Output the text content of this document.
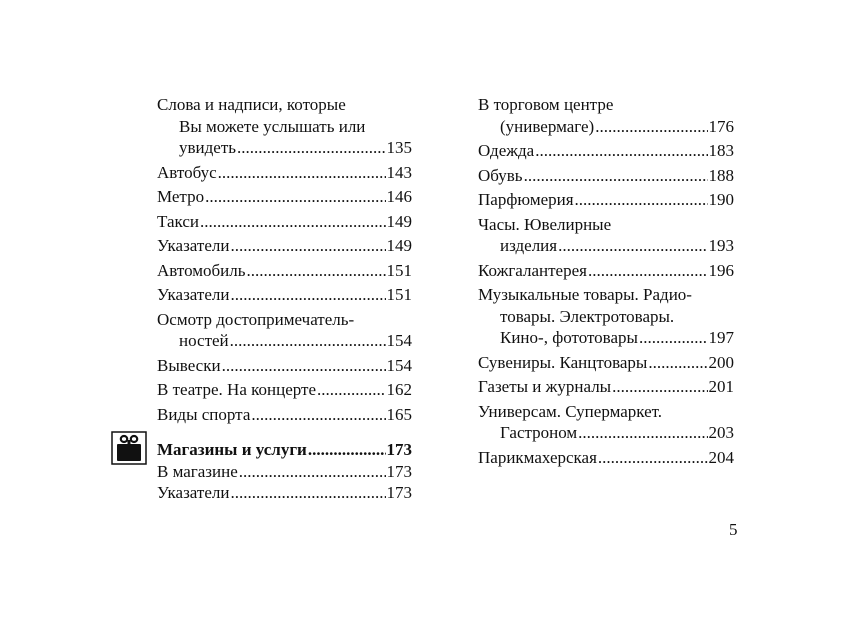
Слова и надписи, которые
Вы можете услышать или
увидеть .....	135
Автобус .....	143
Метро .....	146
Такси .....	149
Указатели .....	149
Автомобиль .....	151
Указатели .....	151
Осмотр достопримечатель-
ностей .....	154
Вывески .....	154
В театре. На концерте .....	162
Виды спорта .....	165
Магазины и услуги .....	173
В магазине .....	173
Указатели .....	173
В торговом центре
(универмаге) .....	176
Одежда .....	183
Обувь .....	188
Парфюмерия .....	190
Часы. Ювелирные
изделия .....	193
Кожгалантерея .....	196
Музыкальные товары. Радио-
товары. Электротовары.
Кино-, фототовары .....	197
Сувениры. Канцтовары .....	200
Газеты и журналы .....	201
Универсам. Супермаркет.
Гастроном .....	203
Парикмахерская .....	204
5
